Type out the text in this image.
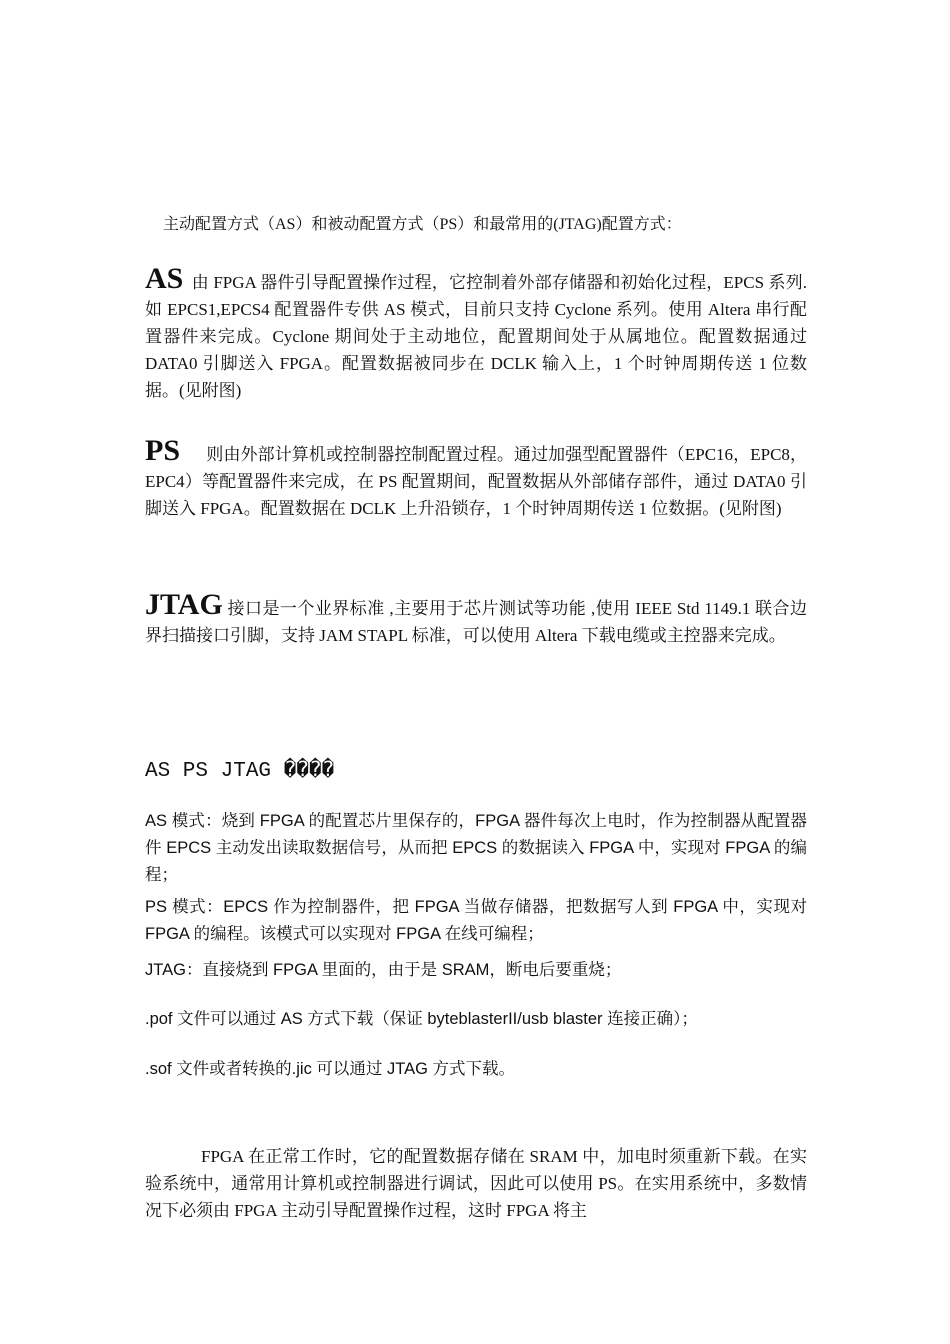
主动配置方式（AS）和被动配置方式（PS）和最常用的(JTAG)配置方式：

AS 由 FPGA 器件引导配置操作过程，它控制着外部存储器和初始化过程，EPCS 系列.如 EPCS1,EPCS4 配置器件专供 AS 模式，目前只支持 Cyclone 系列。使用 Altera 串行配置器件来完成。Cyclone 期间处于主动地位，配置期间处于从属地位。配置数据通过 DATA0 引脚送入 FPGA。配置数据被同步在 DCLK 输入上，1 个时钟周期传送 1 位数据。(见附图)

PS 则由外部计算机或控制器控制配置过程。通过加强型配置器件（EPC16，EPC8，EPC4）等配置器件来完成，在 PS 配置期间，配置数据从外部储存部件，通过 DATA0 引脚送入 FPGA。配置数据在 DCLK 上升沿锁存，1 个时钟周期传送 1 位数据。(见附图)

JTAG 接口是一个业界标准 ,主要用于芯片测试等功能 ,使用 IEEE Std 1149.1 联合边界扫描接口引脚，支持 JAM STAPL 标准，可以使用 Altera 下载电缆或主控器来完成。

AS PS JTAG ����

AS 模式：烧到 FPGA 的配置芯片里保存的，FPGA 器件每次上电时，作为控制器从配置器件 EPCS 主动发出读取数据信号，从而把 EPCS 的数据读入 FPGA 中，实现对 FPGA 的编程；

PS 模式：EPCS 作为控制器件，把 FPGA 当做存储器，把数据写人到 FPGA 中，实现对 FPGA 的编程。该模式可以实现对 FPGA 在线可编程；

JTAG：直接烧到 FPGA 里面的，由于是 SRAM，断电后要重烧；

.pof 文件可以通过 AS 方式下载（保证 byteblasterII/usb blaster 连接正确）；

.sof 文件或者转换的.jic 可以通过 JTAG 方式下载。

FPGA 在正常工作时，它的配置数据存储在 SRAM 中，加电时须重新下载。在实验系统中，通常用计算机或控制器进行调试，因此可以使用 PS。在实用系统中，多数情况下必须由 FPGA 主动引导配置操作过程，这时 FPGA 将主
